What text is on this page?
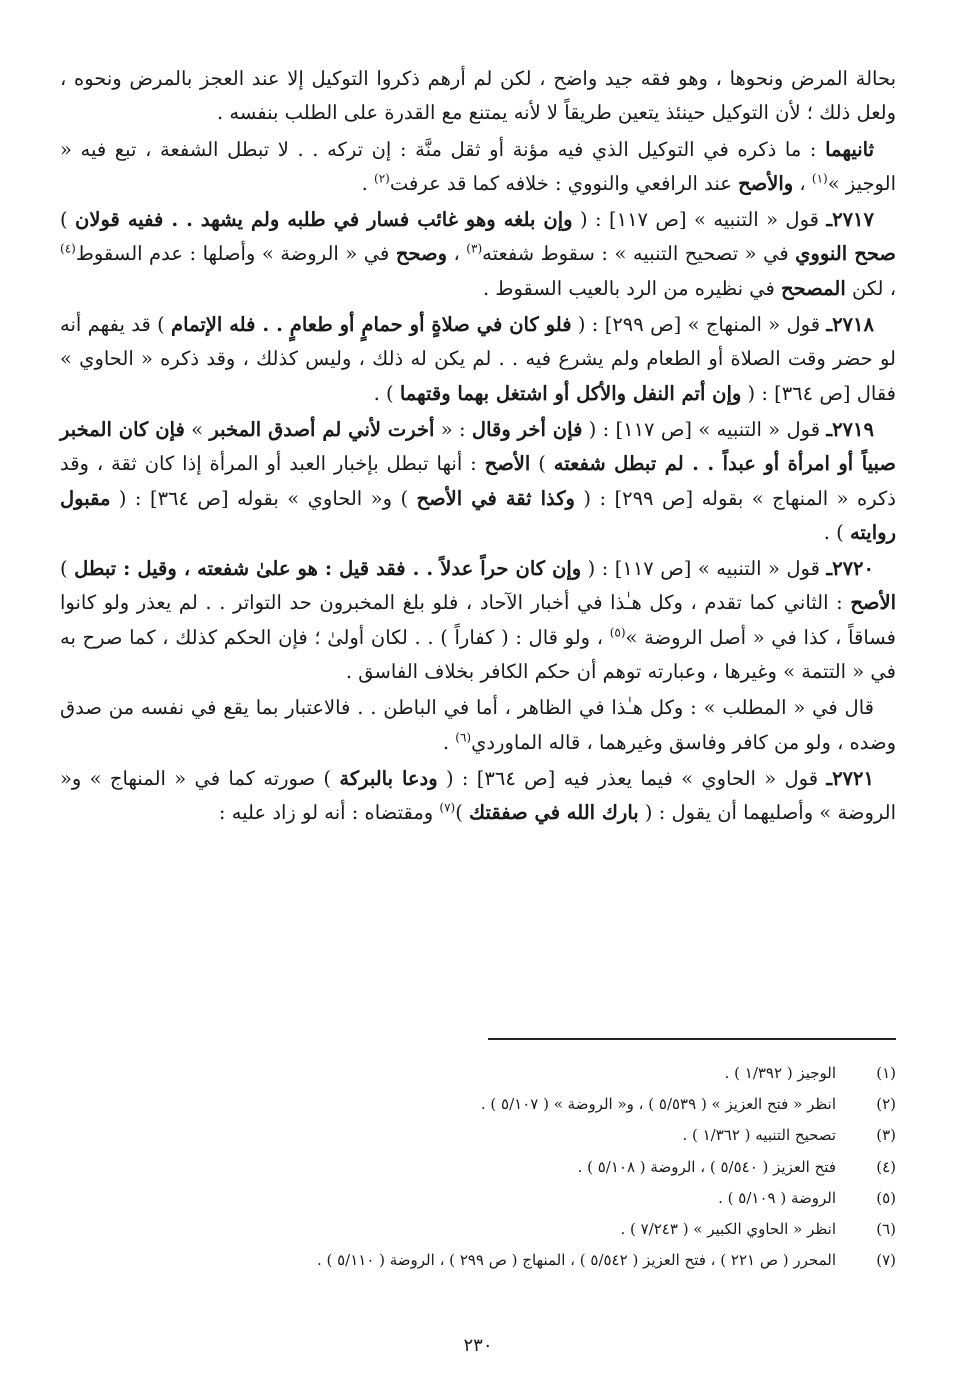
بحالة المرض ونحوها ، وهو فقه جيد واضح ، لكن لم أرهم ذكروا التوكيل إلا عند العجز بالمرض ونحوه ، ولعل ذلك ؛ لأن التوكيل حينئذ يتعين طريقاً لا لأنه يمتنع مع القدرة على الطلب بنفسه .

ثانيهما : ما ذكره في التوكيل الذي فيه مؤنة أو ثقل منَّة : إن تركه . . لا تبطل الشفعة ، تبع فيه « الوجيز »$^{(١)}$ ، والأصح عند الرافعي والنووي : خلافه كما قد عرفت$^{(٢)}$ .

٢٧١٧ـ قول « التنبيه » [ص ١١٧] : ( وإن بلغه وهو غائب فسار في طلبه ولم يشهد . . ففيه قولان ) صحح النووي في « تصحيح التنبيه » : سقوط شفعته$^{(٣)}$ ، وصحح في « الروضة » وأصلها : عدم السقوط$^{(٤)}$ ، لكن المصحح في نظيره من الرد بالعيب السقوط .

٢٧١٨ـ قول « المنهاج » [ص ٢٩٩] : ( فلو كان في صلاةٍ أو حمامٍ أو طعامٍ . . فله الإتمام ) قد يفهم أنه لو حضر وقت الصلاة أو الطعام ولم يشرع فيه . . لم يكن له ذلك ، وليس كذلك ، وقد ذكره « الحاوي » فقال [ص ٣٦٤] : ( وإن أتم النفل والأكل أو اشتغل بهما وقتهما ) .

٢٧١٩ـ قول « التنبيه » [ص ١١٧] : ( فإن أخر وقال : « أخرت لأني لم أصدق المخبر » فإن كان المخبر صبياً أو امرأة أو عبداً . . لم تبطل شفعته ) الأصح : أنها تبطل بإخبار العبد أو المرأة إذا كان ثقة ، وقد ذكره « المنهاج » بقوله [ص ٢٩٩] : ( وكذا ثقة في الأصح ) و« الحاوي » بقوله [ص ٣٦٤] : ( مقبول روايته ) .

٢٧٢٠ـ قول « التنبيه » [ص ١١٧] : ( وإن كان حراً عدلاً . . فقد قيل : هو علىٰ شفعته ، وقيل : تبطل ) الأصح : الثاني كما تقدم ، وكل هـٰذا في أخبار الآحاد ، فلو بلغ المخبرون حد التواتر . . لم يعذر ولو كانوا فساقاً ، كذا في « أصل الروضة »$^{(٥)}$ ، ولو قال : ( كفاراً ) . . لكان أولىٰ ؛ فإن الحكم كذلك ، كما صرح به في « التتمة » وغيرها ، وعبارته توهم أن حكم الكافر بخلاف الفاسق .

قال في « المطلب » : وكل هـٰذا في الظاهر ، أما في الباطن . . فالاعتبار بما يقع في نفسه من صدق وضده ، ولو من كافر وفاسق وغيرهما ، قاله الماوردي$^{(٦)}$ .

٢٧٢١ـ قول « الحاوي » فيما يعذر فيه [ص ٣٦٤] : ( ودعا بالبركة ) صورته كما في « المنهاج » و« الروضة » وأصليهما أن يقول : ( بارك الله في صفقتك )$^{(٧)}$ ومقتضاه : أنه لو زاد عليه :

(١)
الوجيز ( ١/٣٩٢ ) .
(٢)
انظر « فتح العزيز » ( ٥/٥٣٩ ) ، و« الروضة » ( ٥/١٠٧ ) .
(٣)
تصحيح التنبيه ( ١/٣٦٢ ) .
(٤)
فتح العزيز ( ٥/٥٤٠ ) ، الروضة ( ٥/١٠٨ ) .
(٥)
الروضة ( ٥/١٠٩ ) .
(٦)
انظر « الحاوي الكبير » ( ٧/٢٤٣ ) .
(٧)
المحرر ( ص ٢٢١ ) ، فتح العزيز ( ٥/٥٤٢ ) ، المنهاج ( ص ٢٩٩ ) ، الروضة ( ٥/١١٠ ) .
٢٣٠
